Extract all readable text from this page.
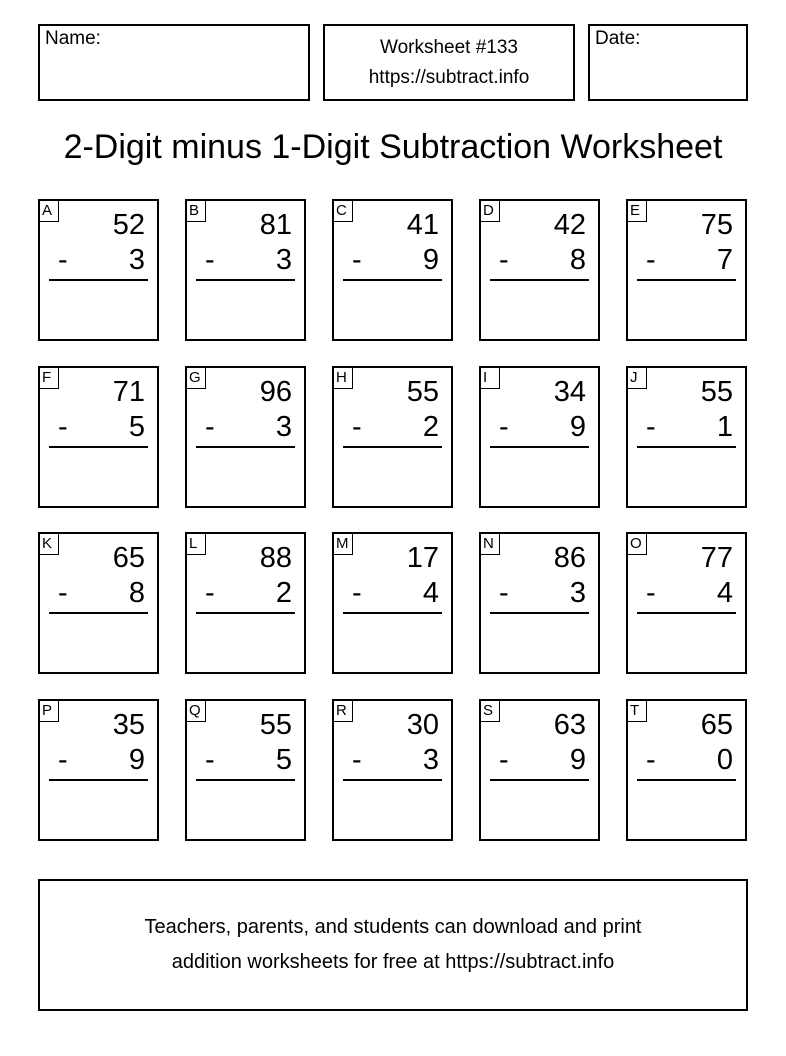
Name:	Worksheet #133
https://subtract.info
Date:
2-Digit minus 1-Digit Subtraction Worksheet
A 52
- 3
B 81
- 3
C 41
- 9
D 42
- 8
E 75
- 7
F 71
- 5
G 96
- 3
H 55
- 2
I	34
- 9
J	55
- 1
K 65
- 8
L 88
- 2
M 17
- 4
N 86
- 3
O 77
- 4
P 35
- 9
Q 55
- 5
R 30
- 3
S 63
- 9
T 65
- 0
Teachers, parents, and students can download and print
addition worksheets for free at https://subtract.info
